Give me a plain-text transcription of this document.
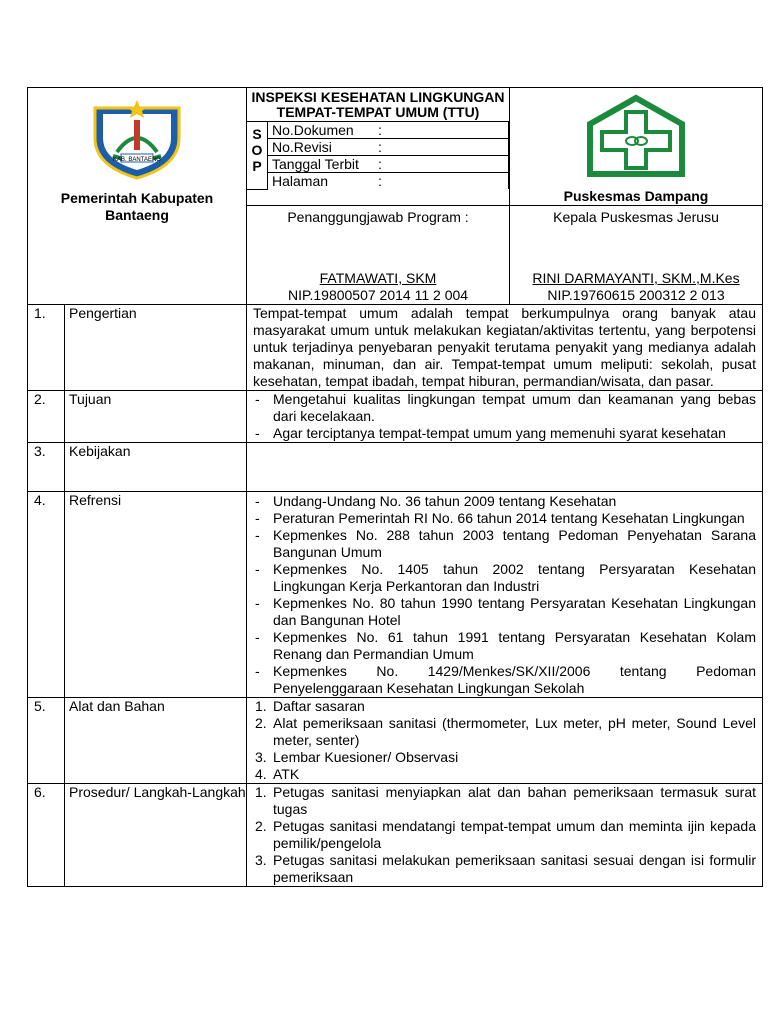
KAB. BANTAENG
Pemerintah Kabupaten Bantaeng

INSPEKSI KESEHATAN LINGKUNGAN TEMPAT-TEMPAT UMUM (TTU)
S
O
P
	No.Dokumen :
No.Revisi	:
Tanggal Terbit :
Halaman	:

Puskesmas Dampang

Penanggungjawab Program :
FATMAWATI, SKM
NIP.19800507 2014 11 2 004

Kepala Puskesmas Jerusu
RINI DARMAYANTI, SKM.,M.Kes
NIP.19760615 200312 2 013

1.	Pengertian	Tempat-tempat umum adalah tempat berkumpulnya orang banyak atau masyarakat umum untuk melakukan kegiatan/aktivitas tertentu, yang berpotensi untuk terjadinya penyebaran penyakit terutama penyakit yang medianya adalah makanan, minuman, dan air. Tempat-tempat umum meliputi: sekolah, pusat kesehatan, tempat ibadah, tempat hiburan, permandian/wisata, dan pasar.

2.	Tujuan	- Mengetahui kualitas lingkungan tempat umum dan keamanan yang bebas dari kecelakaan.
- Agar terciptanya tempat-tempat umum yang memenuhi syarat kesehatan

3.	Kebijakan	
4.	Refrensi	- Undang-Undang No. 36 tahun 2009 tentang Kesehatan
- Peraturan Pemerintah RI No. 66 tahun 2014 tentang Kesehatan Lingkungan
- Kepmenkes No. 288 tahun 2003 tentang Pedoman Penyehatan Sarana Bangunan Umum
- Kepmenkes No. 1405 tahun 2002 tentang Persyaratan Kesehatan Lingkungan Kerja Perkantoran dan Industri
- Kepmenkes No. 80 tahun 1990 tentang Persyaratan Kesehatan Lingkungan dan Bangunan Hotel
- Kepmenkes No. 61 tahun 1991 tentang Persyaratan Kesehatan Kolam Renang dan Permandian Umum
- Kepmenkes No. 1429/Menkes/SK/XII/2006 tentang Pedoman Penyelenggaraan Kesehatan Lingkungan Sekolah

5.	Alat dan Bahan	1. Daftar sasaran
2. Alat pemeriksaan sanitasi (thermometer, Lux meter, pH meter, Sound Level meter, senter)
3. Lembar Kuesioner/ Observasi
4. ATK

6.	Prosedur/ Langkah-Langkah	1. Petugas sanitasi menyiapkan alat dan bahan pemeriksaan termasuk surat tugas
2. Petugas sanitasi mendatangi tempat-tempat umum dan meminta ijin kepada pemilik/pengelola
3. Petugas sanitasi melakukan pemeriksaan sanitasi sesuai dengan isi formulir pemeriksaan
